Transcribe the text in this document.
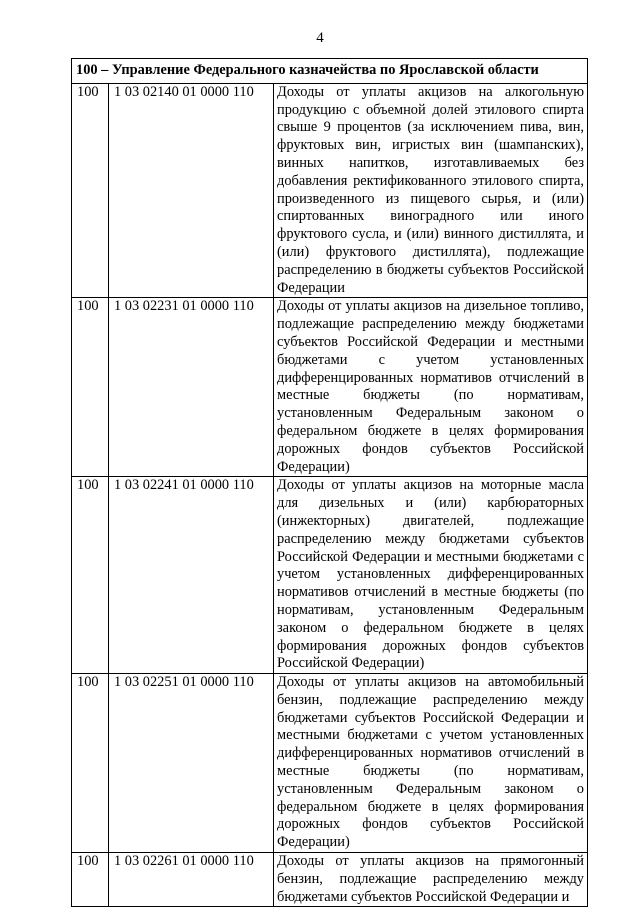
4
100 – Управление Федерального казначейства по Ярославской области		
100	1 03 02140 01 0000 110	Доходы от уплаты акцизов на алкогольную продукцию с объемной долей этилового спирта свыше 9 процентов (за исключением пива, вин, фруктовых вин, игристых вин (шампанских), винных напитков, изготавливаемых без добавления ректификованного этилового спирта, произведенного из пищевого сырья, и (или) спиртованных виноградного или иного фруктового сусла, и (или) винного дистиллята, и (или) фруктового дистиллята), подлежащие распределению в бюджеты субъектов Российской Федерации
100	1 03 02231 01 0000 110	Доходы от уплаты акцизов на дизельное топливо, подлежащие распределению между бюджетами субъектов Российской Федерации и местными бюджетами с учетом установленных дифференцированных нормативов отчислений в местные бюджеты (по нормативам, установленным Федеральным законом о федеральном бюджете в целях формирования дорожных фондов субъектов Российской Федерации)
100	1 03 02241 01 0000 110	Доходы от уплаты акцизов на моторные масла для дизельных и (или) карбюраторных (инжекторных) двигателей, подлежащие распределению между бюджетами субъектов Российской Федерации и местными бюджетами с учетом установленных дифференцированных нормативов отчислений в местные бюджеты (по нормативам, установленным Федеральным законом о федеральном бюджете в целях формирования дорожных фондов субъектов Российской Федерации)
100	1 03 02251 01 0000 110	Доходы от уплаты акцизов на автомобильный бензин, подлежащие распределению между бюджетами субъектов Российской Федерации и местными бюджетами с учетом установленных дифференцированных нормативов отчислений в местные бюджеты (по нормативам, установленным Федеральным законом о федеральном бюджете в целях формирования дорожных фондов субъектов Российской Федерации)
100	1 03 02261 01 0000 110	Доходы от уплаты акцизов на прямогонный бензин, подлежащие распределению между бюджетами субъектов Российской Федерации и
